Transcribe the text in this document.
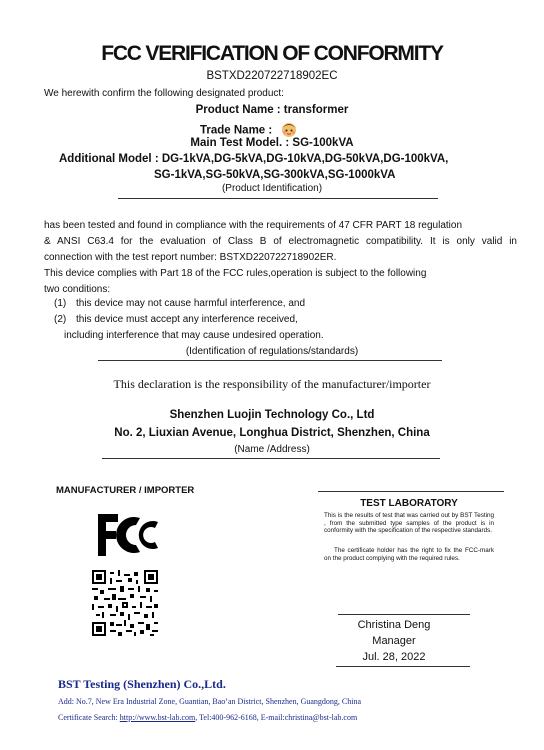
FCC VERIFICATION OF CONFORMITY
BSTXD220722718902EC
We herewith confirm the following designated product:
Product Name : transformer
Trade Name :
Main Test Model. : SG-100kVA
Additional Model : DG-1kVA,DG-5kVA,DG-10kVA,DG-50kVA,DG-100kVA,
SG-1kVA,SG-50kVA,SG-300kVA,SG-1000kVA
(Product Identification)
has been tested and found in compliance with the requirements of 47 CFR PART 18 regulation
& ANSI C63.4 for the evaluation of Class B of electromagnetic compatibility. It is only valid in
connection with the test report number: BSTXD220722718902ER.
This device complies with Part 18 of the FCC rules,operation is subject to the following
two conditions:
(1) this device may not cause harmful interference, and
(2) this device must accept any interference received,
including interference that may cause undesired operation.
(Identification of regulations/standards)
This declaration is the responsibility of the manufacturer/importer
Shenzhen Luojin Technology Co., Ltd
No. 2, Liuxian Avenue, Longhua District, Shenzhen, China
(Name /Address)
MANUFACTURER / IMPORTER
TEST LABORATORY
This is the results of test that was carried out by BST Testing , from the submitted type samples of the product is in conformity with the specification of the respective standards.
The certificate holder has the right to fix the FCC-mark on the product complying with the required rules.
Christina Deng
Manager
Jul. 28, 2022
BST Testing (Shenzhen) Co.,Ltd.
Add: No.7, New Era Industrial Zone, Guantian, Bao’an District, Shenzhen, Guangdong, China
Certificate Search: http://www.bst-lab.com, Tel:400-962-6168, E-mail:christina@bst-lab.com
